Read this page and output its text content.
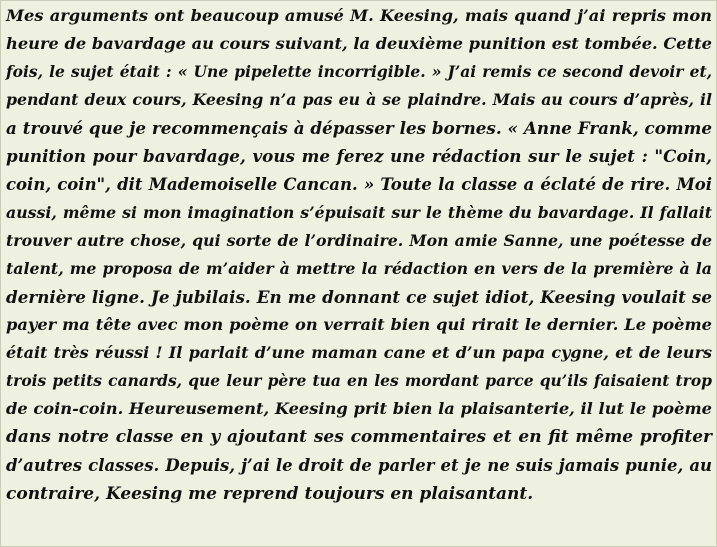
Mes arguments ont beaucoup amusé M. Keesing, mais quand j’ai repris mon
heure de bavardage au cours suivant, la deuxième punition est tombée. Cette
fois, le sujet était : « Une pipelette incorrigible. » J’ai remis ce second devoir et,
pendant deux cours, Keesing n’a pas eu à se plaindre. Mais au cours d’après, il
a trouvé que je recommençais à dépasser les bornes. « Anne Frank, comme
punition pour bavardage, vous me ferez une rédaction sur le sujet : "Coin,
coin, coin", dit Mademoiselle Cancan. » Toute la classe a éclaté de rire. Moi
aussi, même si mon imagination s’épuisait sur le thème du bavardage. Il fallait
trouver autre chose, qui sorte de l’ordinaire. Mon amie Sanne, une poétesse de
talent, me proposa de m’aider à mettre la rédaction en vers de la première à la
dernière ligne. Je jubilais. En me donnant ce sujet idiot, Keesing voulait se
payer ma tête avec mon poème on verrait bien qui rirait le dernier. Le poème
était très réussi ! Il parlait d’une maman cane et d’un papa cygne, et de leurs
trois petits canards, que leur père tua en les mordant parce qu’ils faisaient trop
de coin-coin. Heureusement, Keesing prit bien la plaisanterie, il lut le poème
dans notre classe en y ajoutant ses commentaires et en fit même profiter
d’autres classes. Depuis, j’ai le droit de parler et je ne suis jamais punie, au
contraire, Keesing me reprend toujours en plaisantant.
